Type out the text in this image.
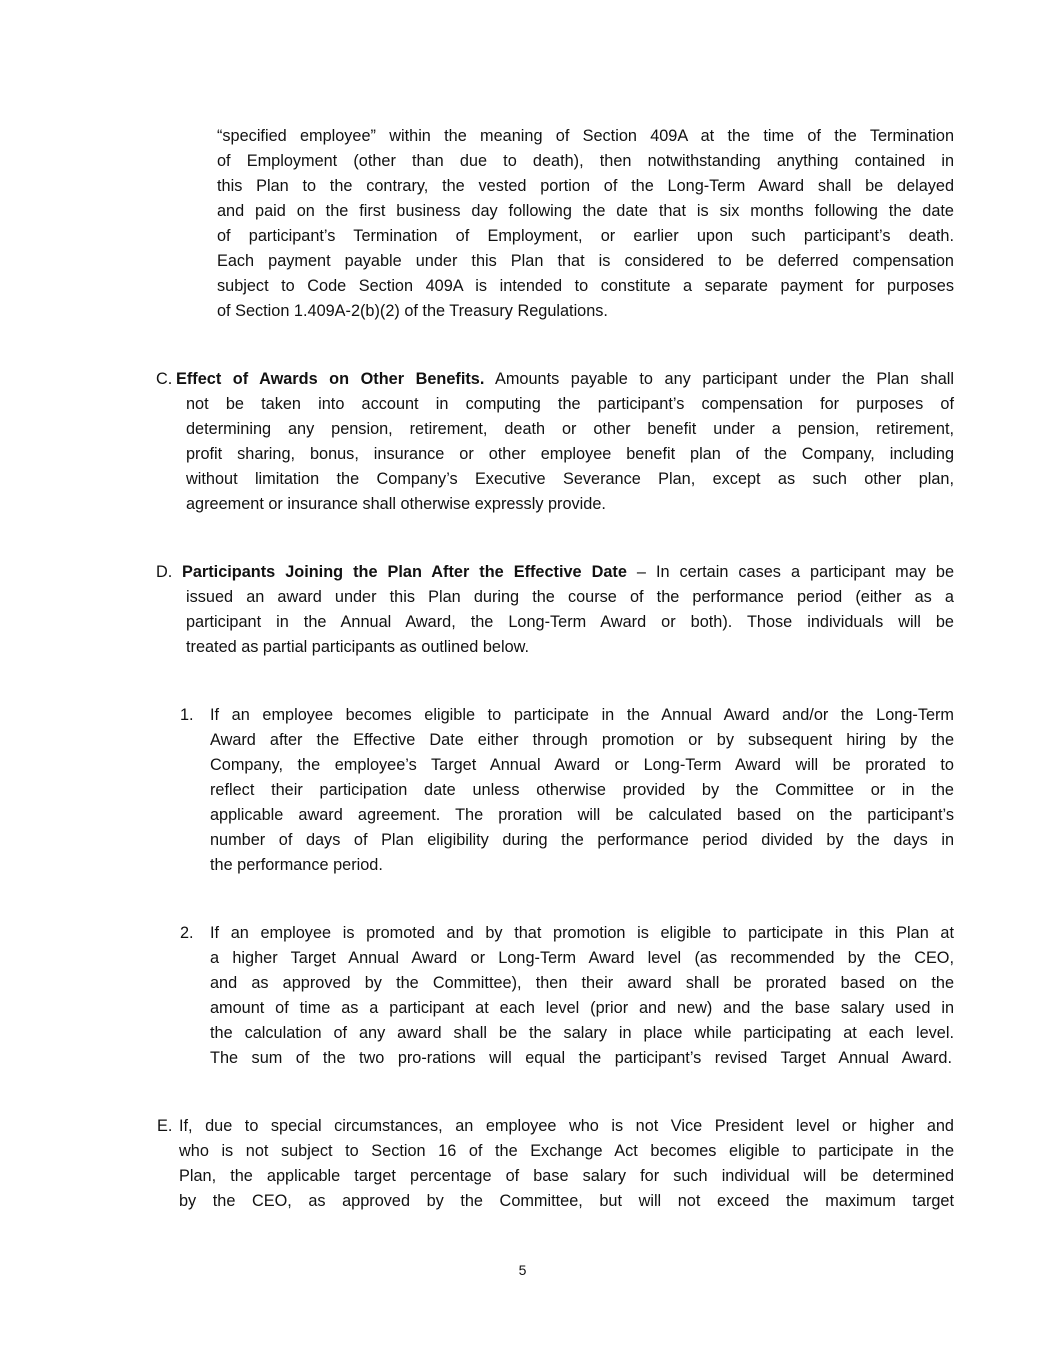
“specified employee” within the meaning of Section 409A at the time of the Termination
of Employment (other than due to death), then notwithstanding anything contained in
this Plan to the contrary, the vested portion of the Long-Term Award shall be delayed
and paid on the first business day following the date that is six months following the date
of participant’s Termination of Employment, or earlier upon such participant’s death.
Each payment payable under this Plan that is considered to be deferred compensation
subject to Code Section 409A is intended to constitute a separate payment for purposes
of Section 1.409A-2(b)(2) of the Treasury Regulations.
C. Effect of Awards on Other Benefits. Amounts payable to any participant under the Plan shall
not be taken into account in computing the participant’s compensation for purposes of
determining any pension, retirement, death or other benefit under a pension, retirement,
profit sharing, bonus, insurance or other employee benefit plan of the Company, including
without limitation the Company’s Executive Severance Plan, except as such other plan,
agreement or insurance shall otherwise expressly provide.
D. Participants Joining the Plan After the Effective Date – In certain cases a participant may be
issued an award under this Plan during the course of the performance period (either as a
participant in the Annual Award, the Long-Term Award or both). Those individuals will be
treated as partial participants as outlined below.
1. If an employee becomes eligible to participate in the Annual Award and/or the Long-Term
Award after the Effective Date either through promotion or by subsequent hiring by the
Company, the employee’s Target Annual Award or Long-Term Award will be prorated to
reflect their participation date unless otherwise provided by the Committee or in the
applicable award agreement. The proration will be calculated based on the participant’s
number of days of Plan eligibility during the performance period divided by the days in
the performance period.
2. If an employee is promoted and by that promotion is eligible to participate in this Plan at
a higher Target Annual Award or Long-Term Award level (as recommended by the CEO,
and as approved by the Committee), then their award shall be prorated based on the
amount of time as a participant at each level (prior and new) and the base salary used in
the calculation of any award shall be the salary in place while participating at each level.
The sum of the two pro-rations will equal the participant’s revised Target Annual Award.
E. If, due to special circumstances, an employee who is not Vice President level or higher and
who is not subject to Section 16 of the Exchange Act becomes eligible to participate in the
Plan, the applicable target percentage of base salary for such individual will be determined
by the CEO, as approved by the Committee, but will not exceed the maximum target
5
